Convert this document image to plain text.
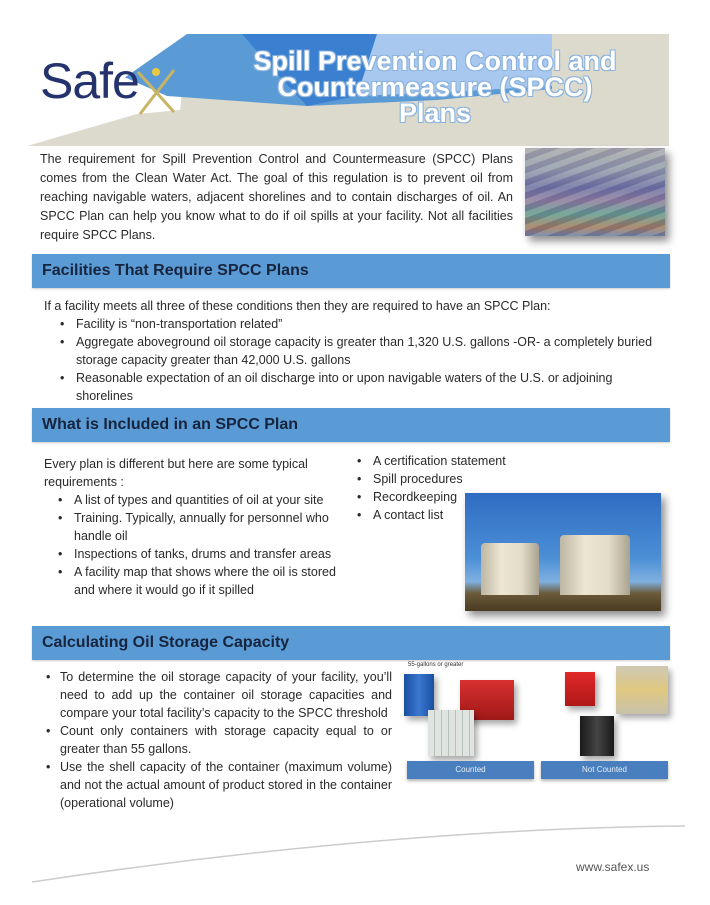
Safe	Spill Prevention Control and
Countermeasure (SPCC)
Plans
The requirement for Spill Prevention Control and Countermeasure (SPCC) Plans comes from the Clean Water Act. The goal of this regulation is to prevent oil from reaching navigable waters, adjacent shorelines and to contain discharges of oil. An SPCC Plan can help you know what to do if oil spills at your facility. Not all facilities require SPCC Plans.
Facilities That Require SPCC Plans
If a facility meets all three of these conditions then they are required to have an SPCC Plan:
• Facility is “non-transportation related”
• Aggregate aboveground oil storage capacity is greater than 1,320 U.S. gallons -OR- a completely buried storage capacity greater than 42,000 U.S. gallons
• Reasonable expectation of an oil discharge into or upon navigable waters of the U.S. or adjoining shorelines
What is Included in an SPCC Plan
Every plan is different but here are some typical requirements :
• A list of types and quantities of oil at your site
• Training. Typically, annually for personnel who handle oil
• Inspections of tanks, drums and transfer areas
• A facility map that shows where the oil is stored and where it would go if it spilled
• A certification statement
• Spill procedures
• Recordkeeping
• A contact list
Calculating Oil Storage Capacity
• To determine the oil storage capacity of your facility, you’ll need to add up the container oil storage capacities and compare your total facility’s capacity to the SPCC threshold
• Count only containers with storage capacity equal to or greater than 55 gallons.
• Use the shell capacity of the container (maximum volume) and not the actual amount of product stored in the container (operational volume)
55-gallons or greater
Counted	Not Counted
www.safex.us
